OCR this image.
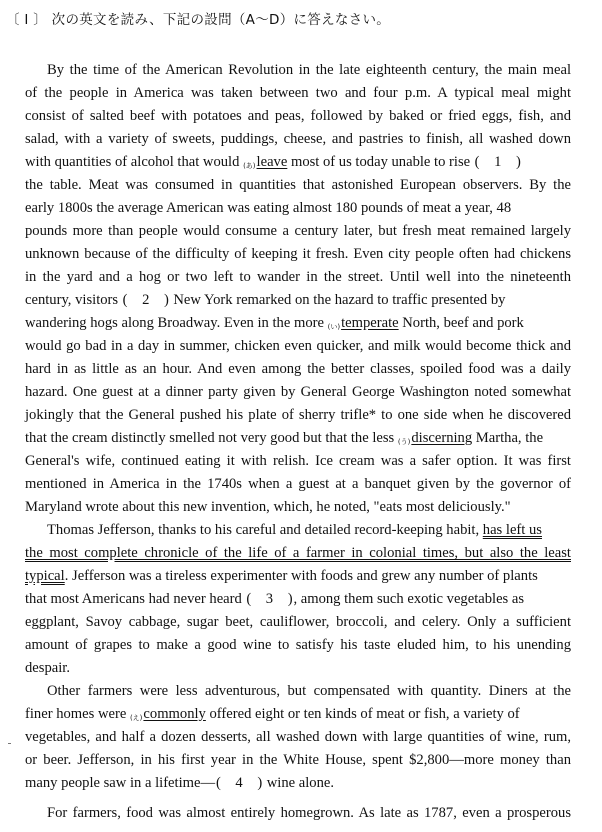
〔 I 〕 次の英文を読み、下記の設問（A〜D）に答えなさい。
By the time of the American Revolution in the late eighteenth century, the main meal
of the people in America was taken between two and four p.m. A typical meal might
consist of salted beef with potatoes and peas, followed by baked or fried eggs, fish, and
salad, with a variety of sweets, puddings, cheese, and pastries to finish, all washed down
with quantities of alcohol that would (あ)leave most of us today unable to rise (　1　)
the table. Meat was consumed in quantities that astonished European observers. By the
early 1800s the average American was eating almost 180 pounds of meat a year, 48
pounds more than people would consume a century later, but fresh meat remained largely
unknown because of the difficulty of keeping it fresh. Even city people often had chickens
in the yard and a hog or two left to wander in the street. Until well into the nineteenth
century, visitors (　2　) New York remarked on the hazard to traffic presented by
wandering hogs along Broadway. Even in the more (い)temperate North, beef and pork
would go bad in a day in summer, chicken even quicker, and milk would become thick and
hard in as little as an hour. And even among the better classes, spoiled food was a daily
hazard. One guest at a dinner party given by General George Washington noted somewhat
jokingly that the General pushed his plate of sherry trifle* to one side when he discovered
that the cream distinctly smelled not very good but that the less (う)discerning Martha, the
General's wife, continued eating it with relish. Ice cream was a safer option. It was first
mentioned in America in the 1740s when a guest at a banquet given by the governor of
Maryland wrote about this new invention, which, he noted, "eats most deliciously."
Thomas Jefferson, thanks to his careful and detailed record-keeping habit, has left us
the most complete chronicle of the life of a farmer in colonial times, but also the least
typical. Jefferson was a tireless experimenter with foods and grew any number of plants
that most Americans had never heard (　3　), among them such exotic vegetables as
eggplant, Savoy cabbage, sugar beet, cauliflower, broccoli, and celery. Only a sufficient
amount of grapes to make a good wine to satisfy his taste eluded him, to his unending
despair.
Other farmers were less adventurous, but compensated with quantity. Diners at the
finer homes were (え)commonly offered eight or ten kinds of meat or fish, a variety of
vegetables, and half a dozen desserts, all washed down with large quantities of wine, rum,
or beer. Jefferson, in his first year in the White House, spent $2,800—more money than
many people saw in a lifetime—(　4　) wine alone.
For farmers, food was almost entirely homegrown. As late as 1787, even a prosperous
